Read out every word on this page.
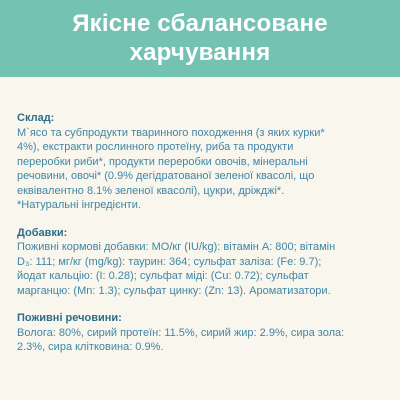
Якісне сбалансоване
харчування
Склад:
М`ясо та субпродукти тваринного походження (з яких курки*
4%), екстракти рослинного протеїну, риба та продукти
переробки риби*, продукти переробки овочів, мінеральні
речовини, овочі* (0.9% дегідратованої зеленої квасолі, що
еквівалентно 8.1% зеленої квасолі), цукри, дріжджі*.
*Натуральні інгредієнти.
Добавки:
Поживні кормові добавки: МО/кг (IU/kg): вітамін А: 800; вітамін
D₃: 111; мг/кг (mg/kg): таурин: 364; сульфат заліза: (Fe: 9.7);
йодат кальцію: (I: 0.28); сульфат міді: (Cu: 0.72); сульфат
марганцю: (Mn: 1.3); сульфат цинку: (Zn: 13). Ароматизатори.
Поживні речовини:
Волога: 80%, сирий протеїн: 11.5%, сирий жир: 2.9%, сира зола:
2.3%, сира клітковина: 0.9%.
